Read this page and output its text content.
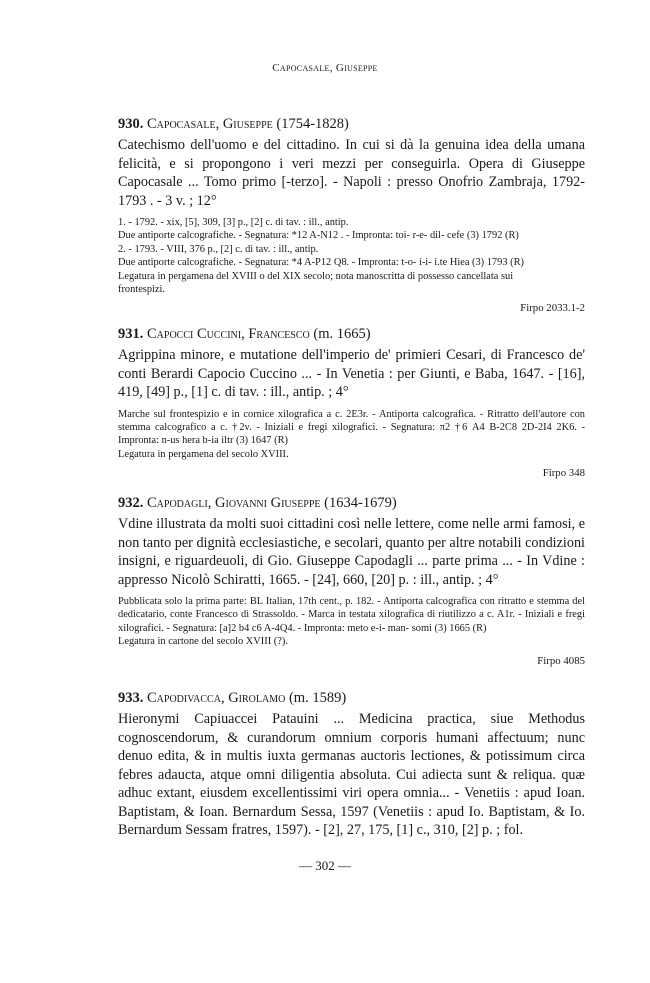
Capocasale, Giuseppe
930. Capocasale, Giuseppe (1754-1828)
Catechismo dell'uomo e del cittadino. In cui si dà la genuina idea della umana felicità, e si propongono i veri mezzi per conseguirla. Opera di Giuseppe Capocasale ... Tomo primo [-terzo]. - Napoli : presso Onofrio Zambraja, 1792-1793 . - 3 v. ; 12°
1. - 1792. - xix, [5], 309, [3] p., [2] c. di tav. : ill., antip.
Due antiporte calcografiche. - Segnatura: *12 A-N12 . - Impronta: toi- r-e- dil- cefe (3) 1792 (R)
2. - 1793. - VIII, 376 p., [2] c. di tav. : ill., antip.
Due antiporte calcografiche. - Segnatura: *4 A-P12 Q8. - Impronta: t-o- i-i- i.te Hiea (3) 1793 (R)
Legatura in pergamena del XVIII o del XIX secolo; nota manoscritta di possesso cancellata sui
frontespizi.
Firpo 2033.1-2
931. Capocci Cuccini, Francesco (m. 1665)
Agrippina minore, e mutatione dell'imperio de' primieri Cesari, di Francesco de' conti Berardi Capocio Cuccino ... - In Venetia : per Giunti, e Baba, 1647. - [16], 419, [49] p., [1] c. di tav. : ill., antip. ; 4°
Marche sul frontespizio e in cornice xilografica a c. 2E3r. - Antiporta calcografica. - Ritratto dell'autore con stemma calcografico a c. †2v. - Iniziali e fregi xilografici. - Segnatura: π2 †6 A4 B-2C8 2D-2I4 2K6. - Impronta: n-us hera b-ia iltr (3) 1647 (R)
Legatura in pergamena del secolo XVIII.
Firpo 348
932. Capodagli, Giovanni Giuseppe (1634-1679)
Vdine illustrata da molti suoi cittadini così nelle lettere, come nelle armi famosi, e non tanto per dignità ecclesiastiche, e secolari, quanto per altre notabili condizioni insigni, e riguardeuoli, di Gio. Giuseppe Capodagli ... parte prima ... - In Vdine : appresso Nicolò Schiratti, 1665. - [24], 660, [20] p. : ill., antip. ; 4°
Pubblicata solo la prima parte: BL Italian, 17th cent., p. 182. - Antiporta calcografica con ritratto e stemma del dedicatario, conte Francesco di Strassoldo. - Marca in testata xilografica di riutilizzo a c. A1r. - Iniziali e fregi xilografici. - Segnatura: [a]2 b4 c6 A-4Q4. - Impronta: meto e-i- man- somi (3) 1665 (R)
Legatura in cartone del secolo XVIII (?).
Firpo 4085
933. Capodivacca, Girolamo (m. 1589)
Hieronymi Capiuaccei Patauini ... Medicina practica, siue Methodus cognoscendorum, & curandorum omnium corporis humani affectuum; nunc denuo edita, & in multis iuxta germanas auctoris lectiones, & potissimum circa febres adaucta, atque omni diligentia absoluta. Cui adiecta sunt & reliqua. quæ adhuc extant, eiusdem excellentissimi viri opera omnia... - Venetiis : apud Ioan. Baptistam, & Ioan. Bernardum Sessa, 1597 (Venetiis : apud Io. Baptistam, & Io. Bernardum Sessam fratres, 1597). - [2], 27, 175, [1] c., 310, [2] p. ; fol.
— 302 —
